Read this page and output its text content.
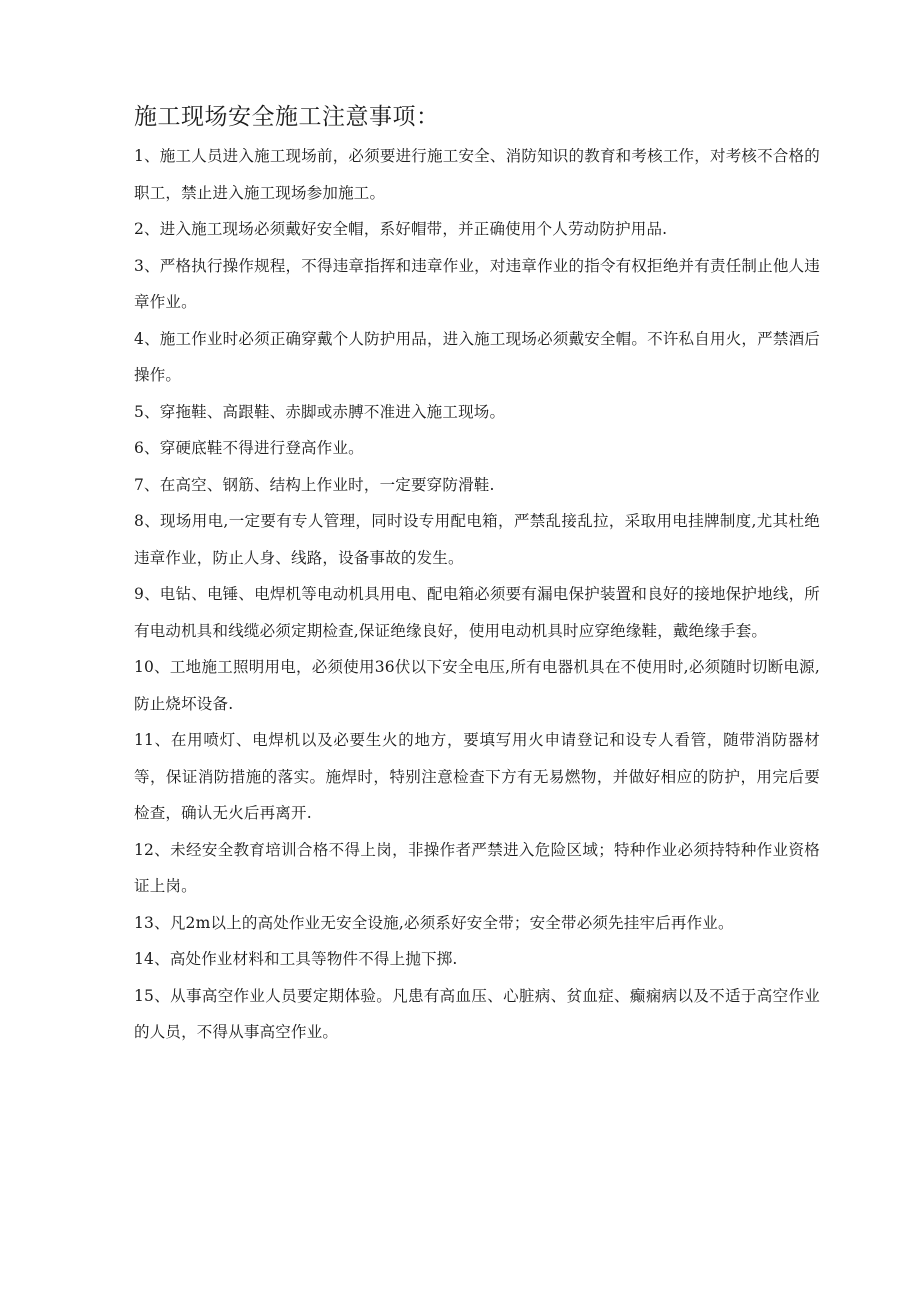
施工现场安全施工注意事项：

1、施工人员进入施工现场前，必须要进行施工安全、消防知识的教育和考核工作，对考核不合格的职工，禁止进入施工现场参加施工。

2、进入施工现场必须戴好安全帽，系好帽带，并正确使用个人劳动防护用品.

3、严格执行操作规程，不得违章指挥和违章作业，对违章作业的指令有权拒绝并有责任制止他人违章作业。

4、施工作业时必须正确穿戴个人防护用品，进入施工现场必须戴安全帽。不许私自用火，严禁酒后操作。

5、穿拖鞋、高跟鞋、赤脚或赤膊不准进入施工现场。

6、穿硬底鞋不得进行登高作业。

7、在高空、钢筋、结构上作业时，一定要穿防滑鞋.

8、现场用电,一定要有专人管理，同时设专用配电箱，严禁乱接乱拉，采取用电挂牌制度,尤其杜绝违章作业，防止人身、线路，设备事故的发生。

9、电钻、电锤、电焊机等电动机具用电、配电箱必须要有漏电保护装置和良好的接地保护地线，所有电动机具和线缆必须定期检查,保证绝缘良好，使用电动机具时应穿绝缘鞋，戴绝缘手套。

10、工地施工照明用电，必须使用36伏以下安全电压,所有电器机具在不使用时,必须随时切断电源,防止烧坏设备.

11、在用喷灯、电焊机以及必要生火的地方，要填写用火申请登记和设专人看管，随带消防器材等，保证消防措施的落实。施焊时，特别注意检查下方有无易燃物，并做好相应的防护，用完后要检查，确认无火后再离开.

12、未经安全教育培训合格不得上岗，非操作者严禁进入危险区域；特种作业必须持特种作业资格证上岗。

13、凡2m以上的高处作业无安全设施,必须系好安全带；安全带必须先挂牢后再作业。

14、高处作业材料和工具等物件不得上抛下掷.

15、从事高空作业人员要定期体验。凡患有高血压、心脏病、贫血症、癫痫病以及不适于高空作业的人员，不得从事高空作业。
